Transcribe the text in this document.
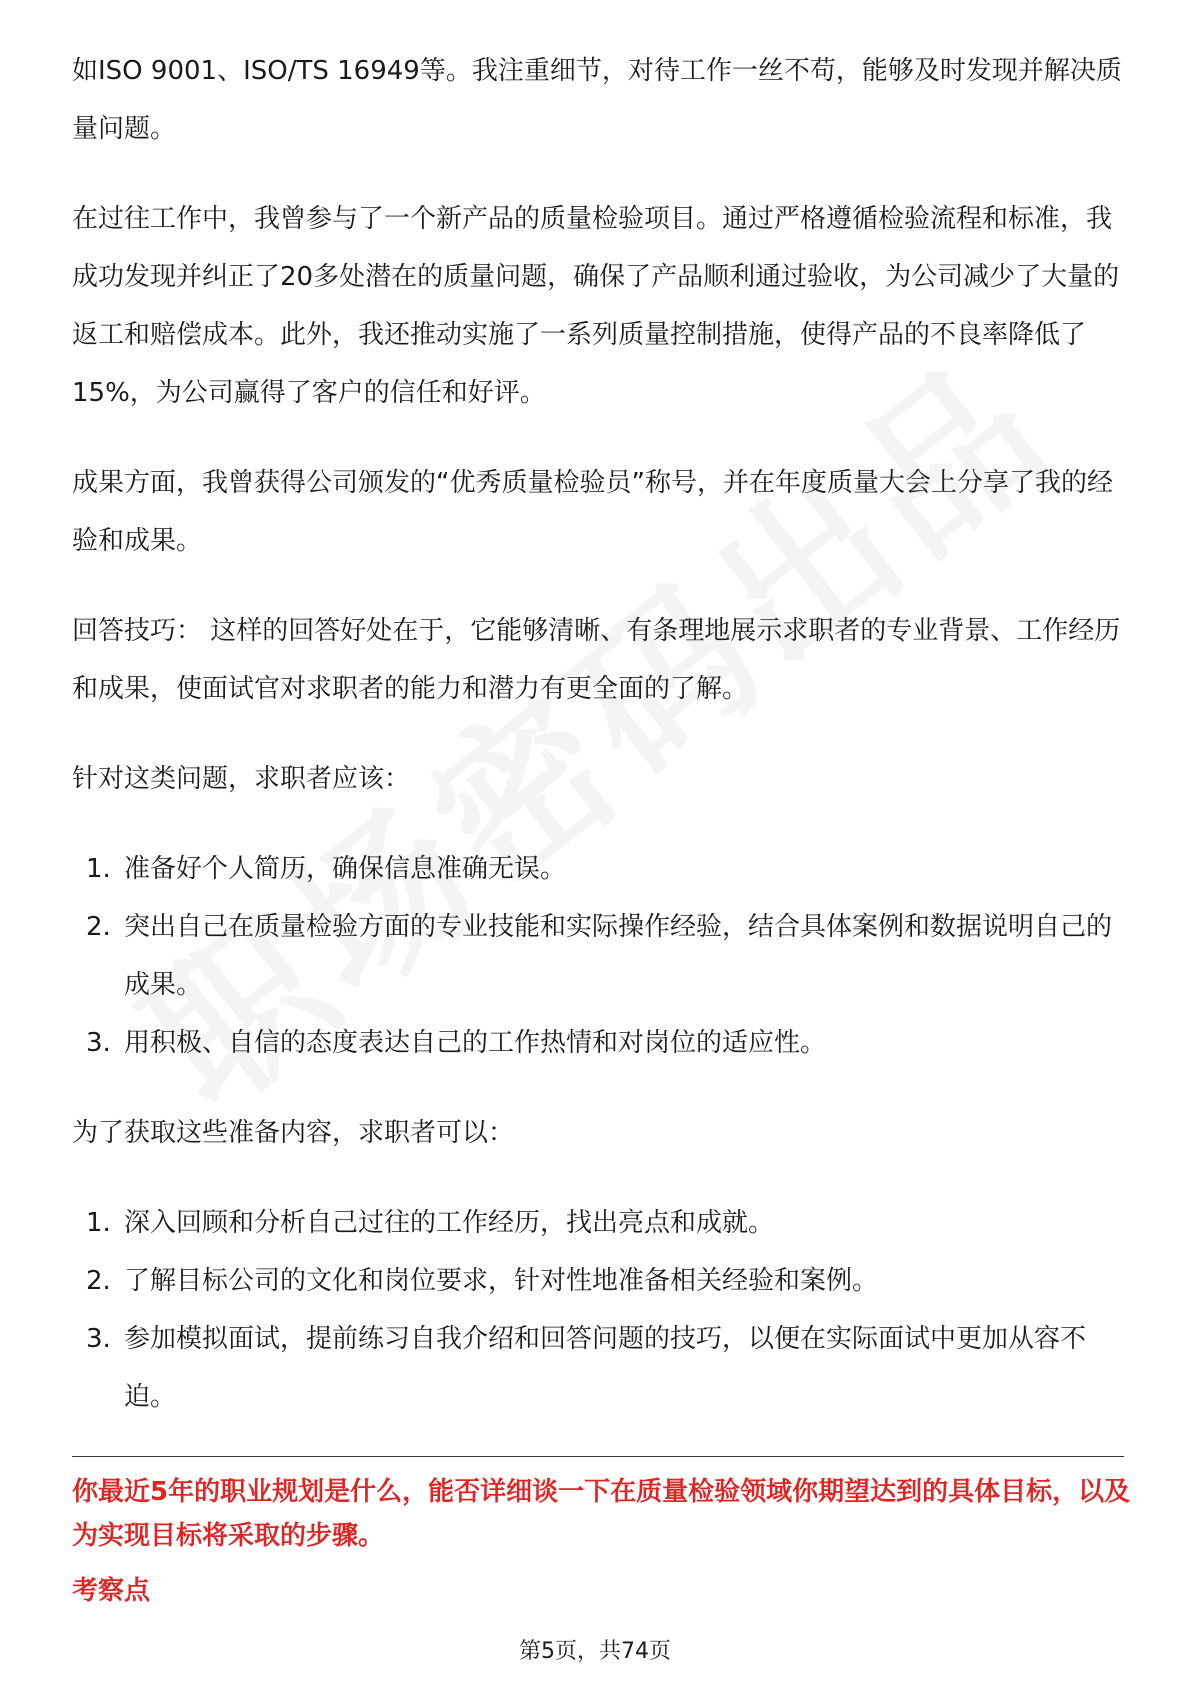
如ISO 9001、ISO/TS 16949等。我注重细节，对待工作一丝不苟，能够及时发现并解决质量问题。

在过往工作中，我曾参与了一个新产品的质量检验项目。通过严格遵循检验流程和标准，我成功发现并纠正了20多处潜在的质量问题，确保了产品顺利通过验收，为公司减少了大量的返工和赔偿成本。此外，我还推动实施了一系列质量控制措施，使得产品的不良率降低了15%，为公司赢得了客户的信任和好评。

成果方面，我曾获得公司颁发的“优秀质量检验员”称号，并在年度质量大会上分享了我的经验和成果。

回答技巧： 这样的回答好处在于，它能够清晰、有条理地展示求职者的专业背景、工作经历和成果，使面试官对求职者的能力和潜力有更全面的了解。

针对这类问题，求职者应该：

1. 准备好个人简历，确保信息准确无误。
2. 突出自己在质量检验方面的专业技能和实际操作经验，结合具体案例和数据说明自己的成果。
3. 用积极、自信的态度表达自己的工作热情和对岗位的适应性。

为了获取这些准备内容，求职者可以：

1. 深入回顾和分析自己过往的工作经历，找出亮点和成就。
2. 了解目标公司的文化和岗位要求，针对性地准备相关经验和案例。
3. 参加模拟面试，提前练习自我介绍和回答问题的技巧，以便在实际面试中更加从容不迫。
你最近5年的职业规划是什么，能否详细谈一下在质量检验领域你期望达到的具体目标，以及为实现目标将采取的步骤。
考察点
第5页，共74页
